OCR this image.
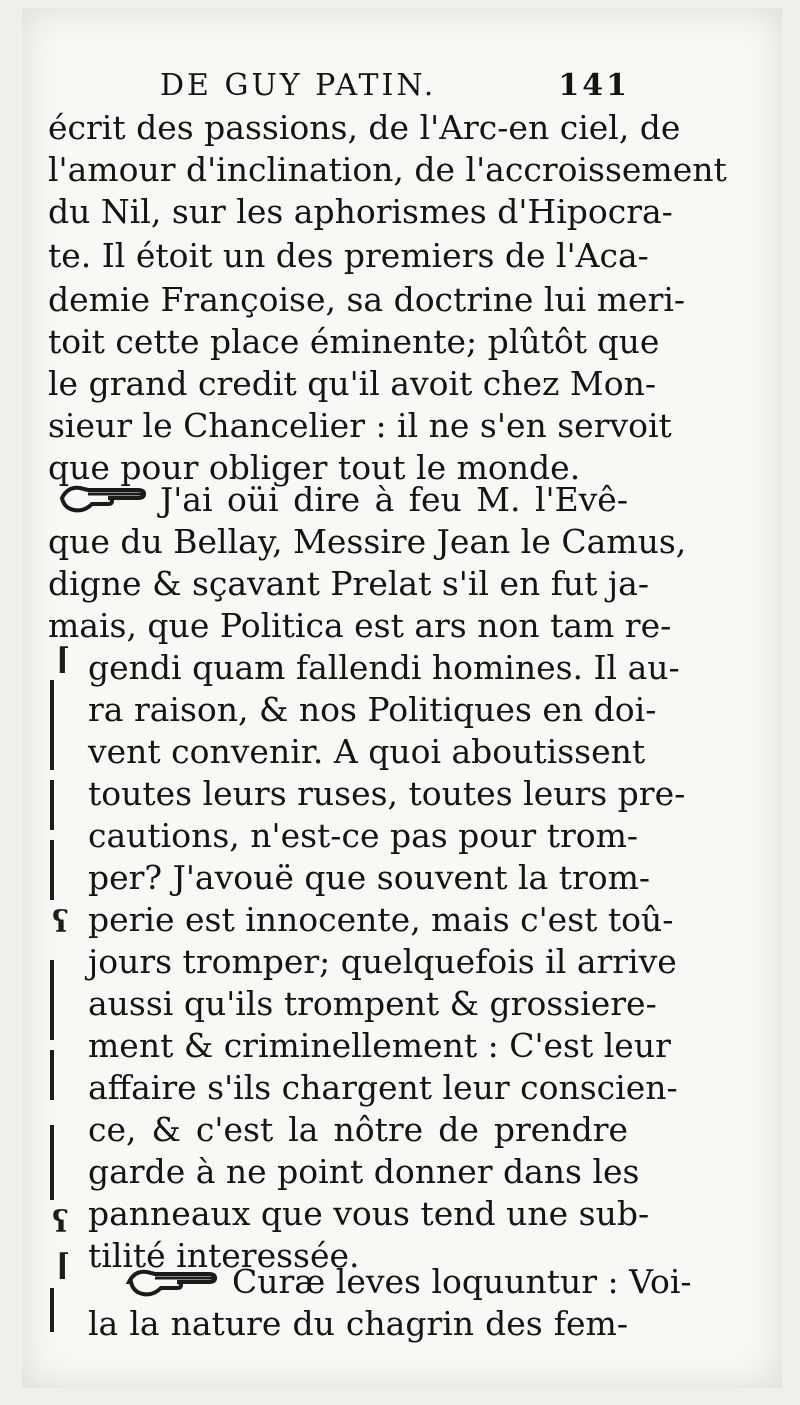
DE GUY PATIN.	141
écrit des passions, de l'Arc-en ciel, de
l'amour d'inclination, de l'accroissement
du Nil, sur les aphorismes d'Hipocra-
te. Il étoit un des premiers de l'Aca-
demie Françoise, sa doctrine lui meri-
toit cette place éminente; plûtôt que
le grand credit qu'il avoit chez Mon-
sieur le Chancelier : il ne s'en servoit
que pour obliger tout le monde.
J'ai oüi dire à feu M. l'Evê-
que du Bellay, Messire Jean le Camus,
digne & sçavant Prelat s'il en fut ja-
mais, que Politica est ars non tam re-
gendi quam fallendi homines. Il au-
ra raison, & nos Politiques en doi-
vent convenir. A quoi aboutissent
toutes leurs ruses, toutes leurs pre-
cautions, n'est-ce pas pour trom-
per? J'avouë que souvent la trom-
perie est innocente, mais c'est toû-
jours tromper; quelquefois il arrive
aussi qu'ils trompent & grossiere-
ment & criminellement : C'est leur
affaire s'ils chargent leur conscien-
ce, & c'est la nôtre de prendre
garde à ne point donner dans les
panneaux que vous tend une sub-
tilité interessée.
Curæ leves loquuntur : Voi-
la la nature du chagrin des fem-
⌈
ʕ
ʕ
⌈
